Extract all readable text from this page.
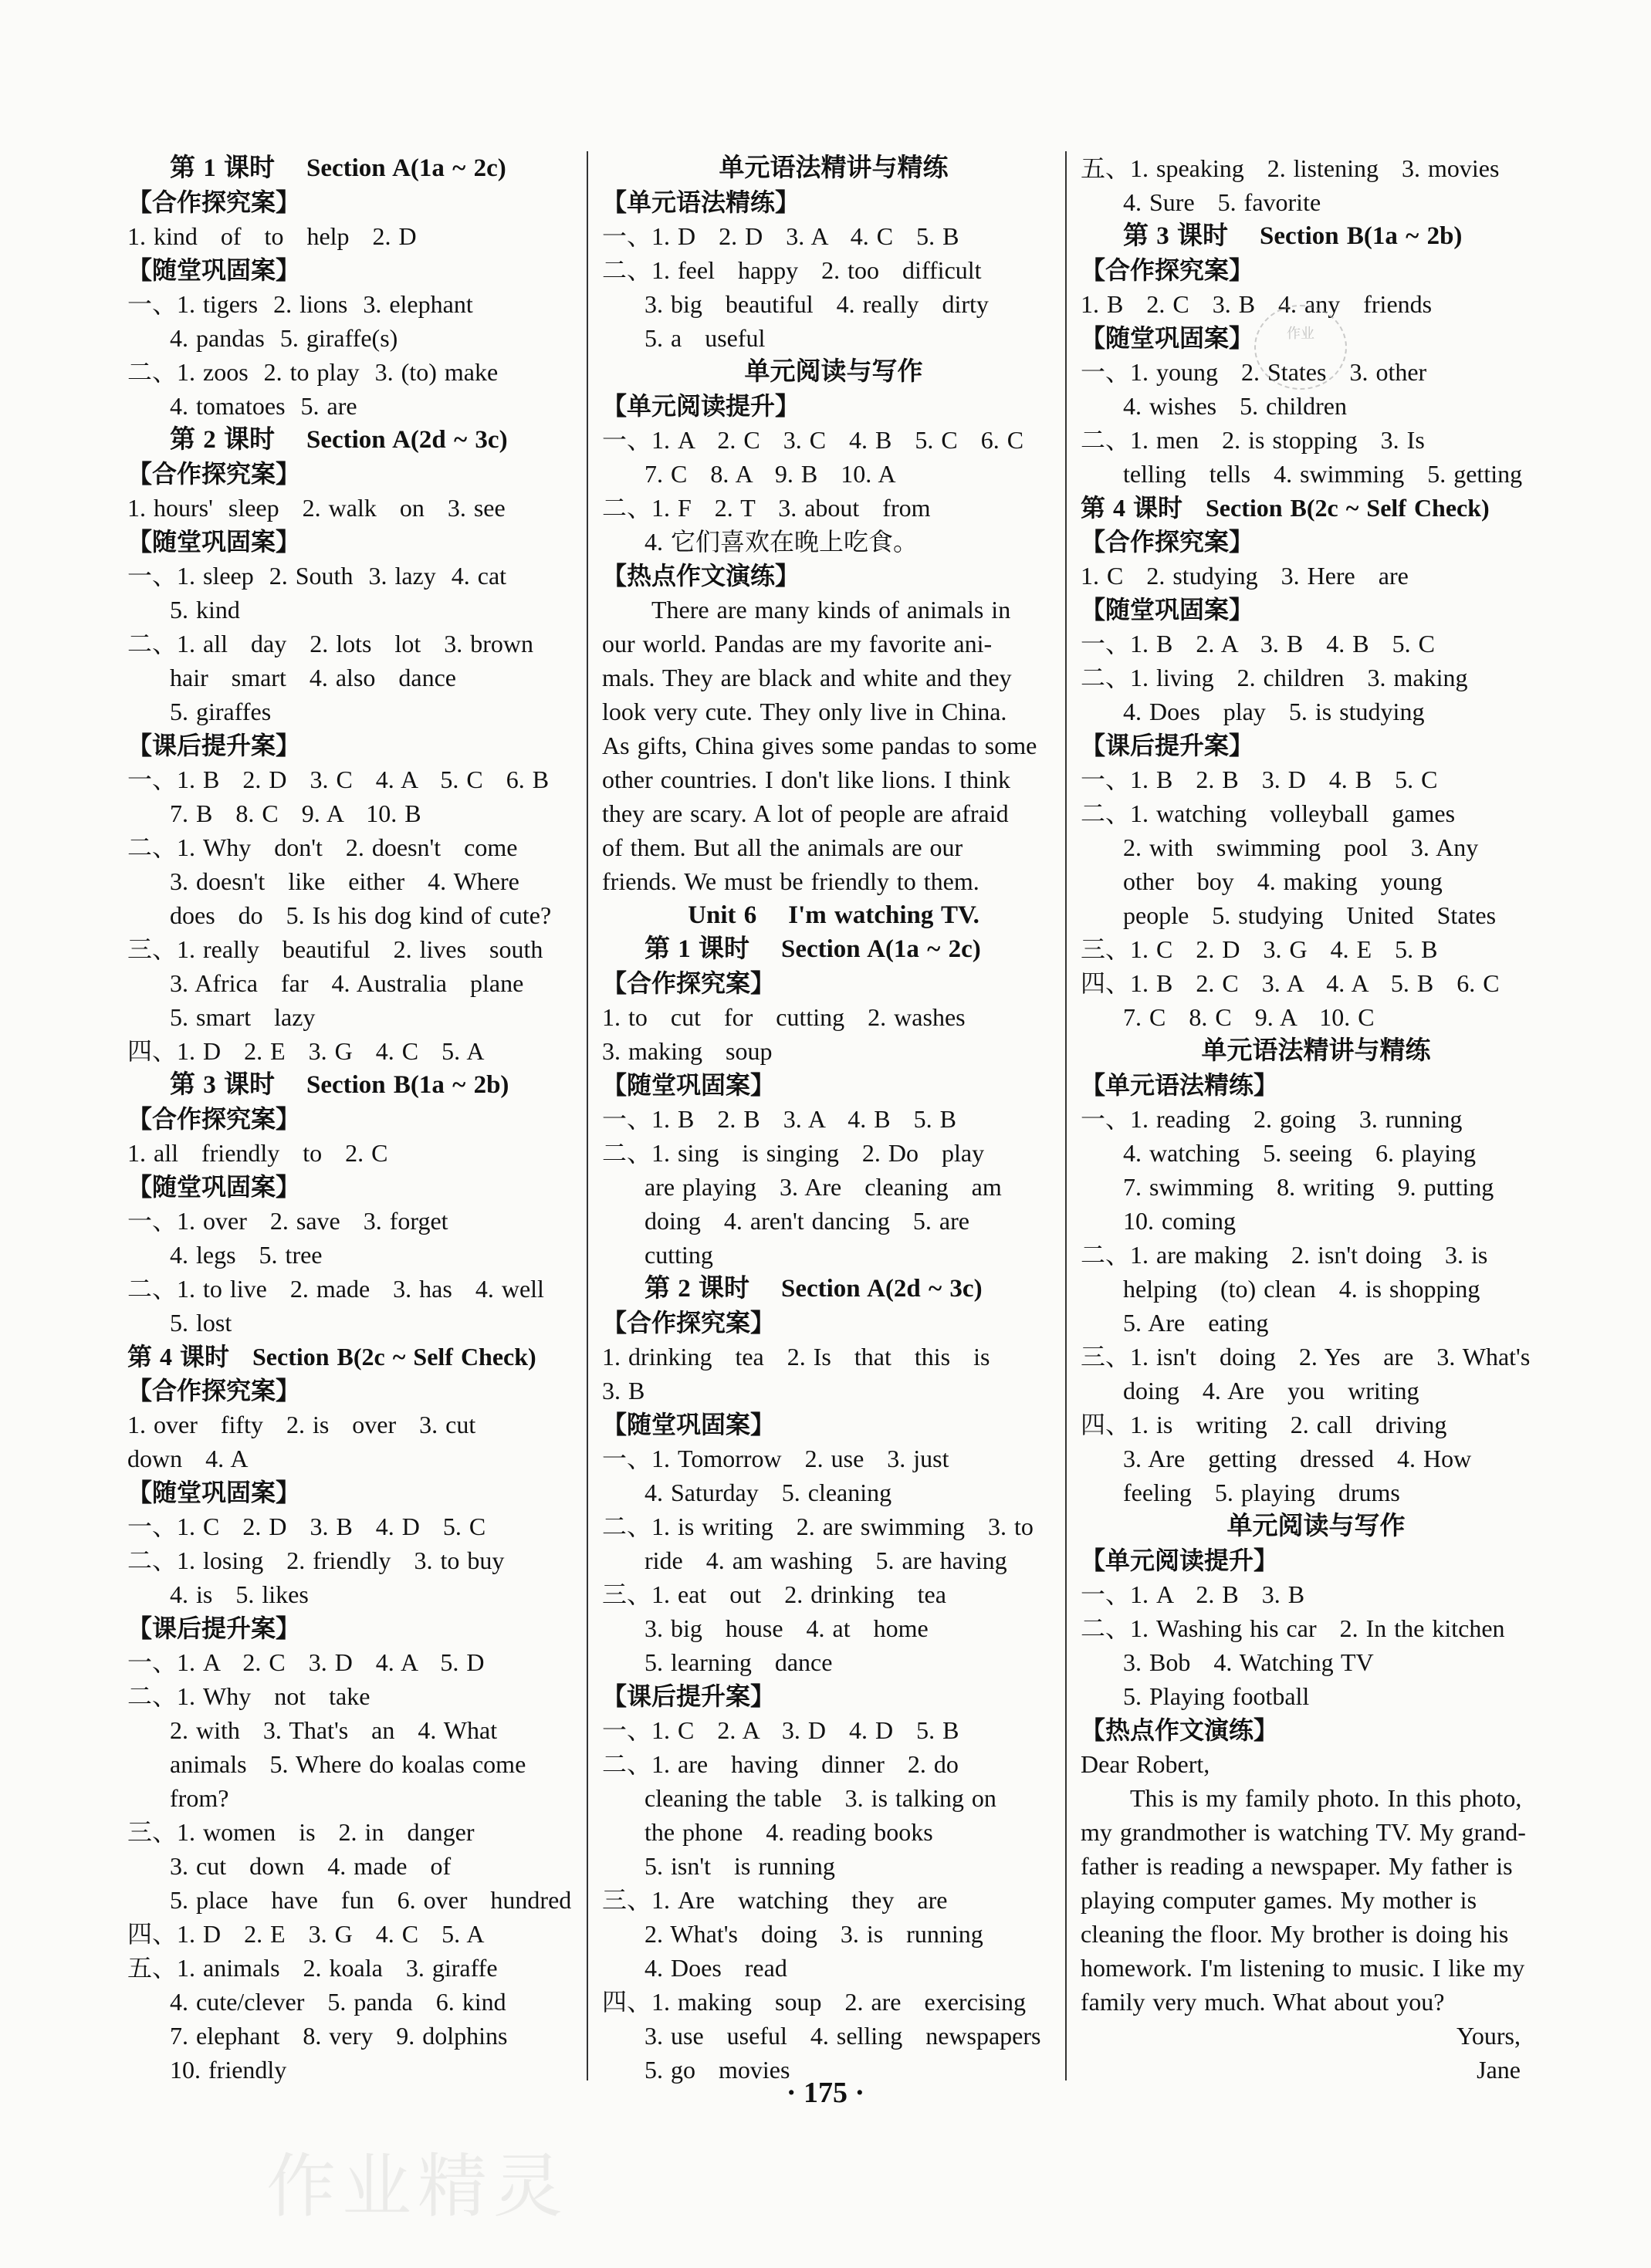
第 1 课时    Section A(1a ~ 2c)
【合作探究案】
1. kind   of   to   help   2. D
【随堂巩固案】
一、1. tigers  2. lions  3. elephant
4. pandas  5. giraffe(s)
二、1. zoos  2. to play  3. (to) make
4. tomatoes  5. are
第 2 课时    Section A(2d ~ 3c)
【合作探究案】
1. hours'  sleep   2. walk   on   3. see
【随堂巩固案】
一、1. sleep  2. South  3. lazy  4. cat
5. kind
二、1. all   day   2. lots   lot   3. brown
hair   smart   4. also   dance
5. giraffes
【课后提升案】
一、1. B   2. D   3. C   4. A   5. C   6. B
7. B   8. C   9. A   10. B
二、1. Why   don't   2. doesn't   come
3. doesn't   like   either   4. Where
does   do   5. Is his dog kind of cute?
三、1. really   beautiful   2. lives   south
3. Africa   far   4. Australia   plane
5. smart   lazy
四、1. D   2. E   3. G   4. C   5. A
第 3 课时    Section B(1a ~ 2b)
【合作探究案】
1. all   friendly   to   2. C
【随堂巩固案】
一、1. over   2. save   3. forget
4. legs   5. tree
二、1. to live   2. made   3. has   4. well
5. lost
第 4 课时   Section B(2c ~ Self Check)
【合作探究案】
1. over   fifty   2. is   over   3. cut
down   4. A
【随堂巩固案】
一、1. C   2. D   3. B   4. D   5. C
二、1. losing   2. friendly   3. to buy
4. is   5. likes
【课后提升案】
一、1. A   2. C   3. D   4. A   5. D
二、1. Why   not   take
2. with   3. That's   an   4. What
animals   5. Where do koalas come
from?
三、1. women   is   2. in   danger
3. cut   down   4. made   of
5. place   have   fun   6. over   hundred
四、1. D   2. E   3. G   4. C   5. A
五、1. animals   2. koala   3. giraffe
4. cute/clever   5. panda   6. kind
7. elephant   8. very   9. dolphins
10. friendly
单元语法精讲与精练
【单元语法精练】
一、1. D   2. D   3. A   4. C   5. B
二、1. feel   happy   2. too   difficult
3. big   beautiful   4. really   dirty
5. a   useful
单元阅读与写作
【单元阅读提升】
一、1. A   2. C   3. C   4. B   5. C   6. C
7. C   8. A   9. B   10. A
二、1. F   2. T   3. about   from
4. 它们喜欢在晚上吃食。
【热点作文演练】
There are many kinds of animals in
our world. Pandas are my favorite ani-
mals. They are black and white and they
look very cute. They only live in China.
As gifts, China gives some pandas to some
other countries. I don't like lions. I think
they are scary. A lot of people are afraid
of them. But all the animals are our
friends. We must be friendly to them.
Unit 6    I'm watching TV.
第 1 课时    Section A(1a ~ 2c)
【合作探究案】
1. to   cut   for   cutting   2. washes
3. making   soup
【随堂巩固案】
一、1. B   2. B   3. A   4. B   5. B
二、1. sing   is singing   2. Do   play
are playing   3. Are   cleaning   am
doing   4. aren't dancing   5. are
cutting
第 2 课时    Section A(2d ~ 3c)
【合作探究案】
1. drinking   tea   2. Is   that   this   is
3. B
【随堂巩固案】
一、1. Tomorrow   2. use   3. just
4. Saturday   5. cleaning
二、1. is writing   2. are swimming   3. to
ride   4. am washing   5. are having
三、1. eat   out   2. drinking   tea
3. big   house   4. at   home
5. learning   dance
【课后提升案】
一、1. C   2. A   3. D   4. D   5. B
二、1. are   having   dinner   2. do
cleaning the table   3. is talking on
the phone   4. reading books
5. isn't   is running
三、1. Are   watching   they   are
2. What's   doing   3. is   running
4. Does   read
四、1. making   soup   2. are   exercising
3. use   useful   4. selling   newspapers
5. go   movies
五、1. speaking   2. listening   3. movies
4. Sure   5. favorite
第 3 课时    Section B(1a ~ 2b)
【合作探究案】
1. B   2. C   3. B   4. any   friends
【随堂巩固案】
一、1. young   2. States   3. other
4. wishes   5. children
二、1. men   2. is stopping   3. Is
telling   tells   4. swimming   5. getting
第 4 课时   Section B(2c ~ Self Check)
【合作探究案】
1. C   2. studying   3. Here   are
【随堂巩固案】
一、1. B   2. A   3. B   4. B   5. C
二、1. living   2. children   3. making
4. Does   play   5. is studying
【课后提升案】
一、1. B   2. B   3. D   4. B   5. C
二、1. watching   volleyball   games
2. with   swimming   pool   3. Any
other   boy   4. making   young
people   5. studying   United   States
三、1. C   2. D   3. G   4. E   5. B
四、1. B   2. C   3. A   4. A   5. B   6. C
7. C   8. C   9. A   10. C
单元语法精讲与精练
【单元语法精练】
一、1. reading   2. going   3. running
4. watching   5. seeing   6. playing
7. swimming   8. writing   9. putting
10. coming
二、1. are making   2. isn't doing   3. is
helping   (to) clean   4. is shopping
5. Are   eating
三、1. isn't   doing   2. Yes   are   3. What's
doing   4. Are   you   writing
四、1. is   writing   2. call   driving
3. Are   getting   dressed   4. How
feeling   5. playing   drums
单元阅读与写作
【单元阅读提升】
一、1. A   2. B   3. B
二、1. Washing his car   2. In the kitchen
3. Bob   4. Watching TV
5. Playing football
【热点作文演练】
Dear Robert,
This is my family photo. In this photo,
my grandmother is watching TV. My grand-
father is reading a newspaper. My father is
playing computer games. My mother is
cleaning the floor. My brother is doing his
homework. I'm listening to music. I like my
family very much. What about you?
Yours,
Jane
作业
· 175 ·
作业精灵
